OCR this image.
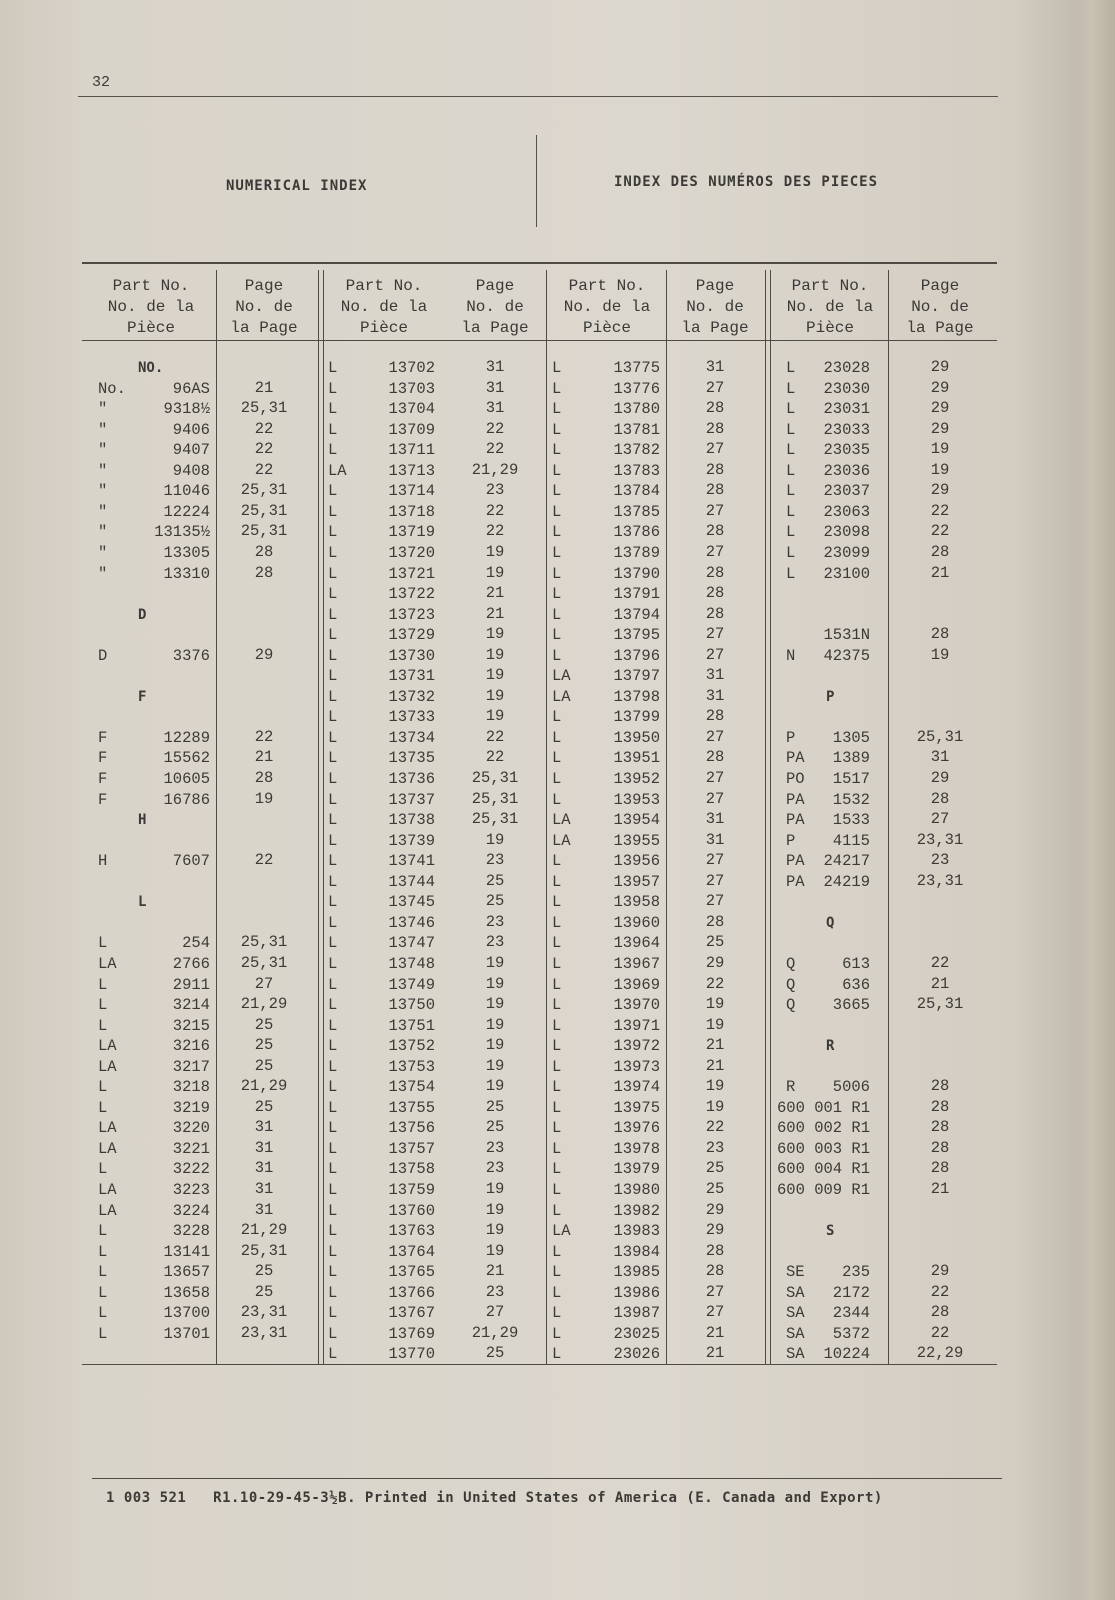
32
NUMERICAL INDEX	INDEX DES NUMÉROS DES PIECES
Part No.
No. de la
Pièce
Page
No. de
la Page
Part No.
No. de la
Pièce
Page
No. de
la Page
Part No.
No. de la
Pièce
Page
No. de
la Page
Part No.
No. de la
Pièce
Page
No. de
la Page
NO.
No.	96AS	21
"	9318½	25,31
"	9406	22
"	9407	22
"	9408	22
"	11046	25,31
"	12224	25,31
"	13135½	25,31
"	13305	28
"	13310	28
D
D	3376	29
F
F	12289	22
F	15562	21
F	10605	28
F	16786	19
H
H	7607	22
L
L	254	25,31
LA	2766	25,31
L	2911	27
L	3214	21,29
L	3215	25
LA	3216	25
LA	3217	25
L	3218	21,29
L	3219	25
LA	3220	31
LA	3221	31
L	3222	31
LA	3223	31
LA	3224	31
L	3228	21,29
L	13141	25,31
L	13657	25
L	13658	25
L	13700	23,31
L	13701	23,31
L	13702	31
L	13703	31
L	13704	31
L	13709	22
L	13711	22
LA	13713	21,29
L	13714	23
L	13718	22
L	13719	22
L	13720	19
L	13721	19
L	13722	21
L	13723	21
L	13729	19
L	13730	19
L	13731	19
L	13732	19
L	13733	19
L	13734	22
L	13735	22
L	13736	25,31
L	13737	25,31
L	13738	25,31
L	13739	19
L	13741	23
L	13744	25
L	13745	25
L	13746	23
L	13747	23
L	13748	19
L	13749	19
L	13750	19
L	13751	19
L	13752	19
L	13753	19
L	13754	19
L	13755	25
L	13756	25
L	13757	23
L	13758	23
L	13759	19
L	13760	19
L	13763	19
L	13764	19
L	13765	21
L	13766	23
L	13767	27
L	13769	21,29
L	13770	25
L	13775	31
L	13776	27
L	13780	28
L	13781	28
L	13782	27
L	13783	28
L	13784	28
L	13785	27
L	13786	28
L	13789	27
L	13790	28
L	13791	28
L	13794	28
L	13795	27
L	13796	27
LA	13797	31
LA	13798	31
L	13799	28
L	13950	27
L	13951	28
L	13952	27
L	13953	27
LA	13954	31
LA	13955	31
L	13956	27
L	13957	27
L	13958	27
L	13960	28
L	13964	25
L	13967	29
L	13969	22
L	13970	19
L	13971	19
L	13972	21
L	13973	21
L	13974	19
L	13975	19
L	13976	22
L	13978	23
L	13979	25
L	13980	25
L	13982	29
LA	13983	29
L	13984	28
L	13985	28
L	13986	27
L	13987	27
L	23025	21
L	23026	21
L	23028	29
L	23030	29
L	23031	29
L	23033	29
L	23035	19
L	23036	19
L	23037	29
L	23063	22
L	23098	22
L	23099	28
L	23100	21
1531N	28
N	42375	19
P
P	1305	25,31
PA	1389	31
PO	1517	29
PA	1532	28
PA	1533	27
P	4115	23,31
PA	24217	23
PA	24219	23,31
Q
Q	613	22
Q	636	21
Q	3665	25,31
R
R	5006	28
600 001 R1	28
600 002 R1	28
600 003 R1	28
600 004 R1	28
600 009 R1	21
S
SE	235	29
SA	2172	22
SA	2344	28
SA	5372	22
SA	10224	22,29
1 003 521   R1.10-29-45-3½B. Printed in United States of America (E. Canada and Export)
